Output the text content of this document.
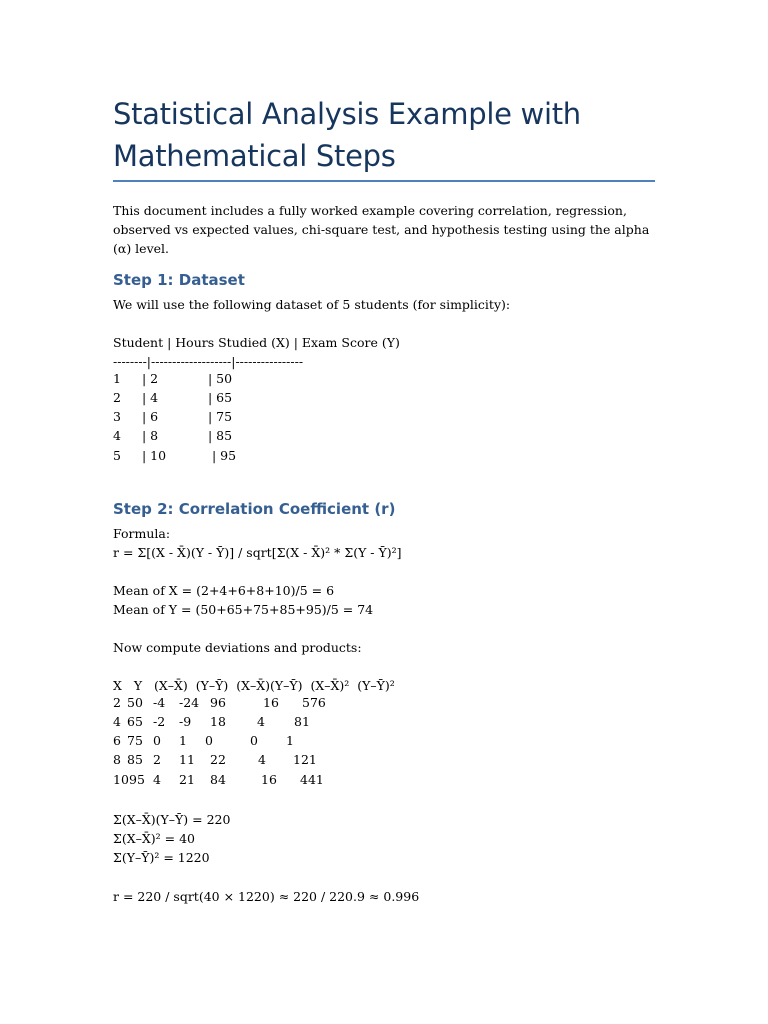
Statistical Analysis Example with Mathematical Steps

This document includes a fully worked example covering correlation, regression, observed vs expected values, chi-square test, and hypothesis testing using the alpha (α) level.

Step 1: Dataset

We will use the following dataset of 5 students (for simplicity):

Student | Hours Studied (X) | Exam Score (Y)

--------|-------------------|----------------

1 | 2	| 50
2 | 4	| 65
3 | 6	| 75
4 | 8	| 85
5 | 10	| 95
Step 2: Correlation Coefficient (r)

Formula:

r = Σ[(X - X̄)(Y - Ȳ)] / sqrt[Σ(X - X̄)² * Σ(Y - Ȳ)²]

Mean of X = (2+4+6+8+10)/5 = 6

Mean of Y = (50+65+75+85+95)/5 = 74

Now compute deviations and products:

X   Y   (X–X̄)  (Y–Ȳ)  (X–X̄)(Y–Ȳ)  (X–X̄)²  (Y–Ȳ)²

2 50 -4 -24 96	16 576
4 65 -2 -9 18 4 81
6 75 0 1 0	0 1
8 85 2 11 22	4 121
10 95 4 21 84	16 441

Σ(X–X̄)(Y–Ȳ) = 220

Σ(X–X̄)² = 40

Σ(Y–Ȳ)² = 1220

r = 220 / sqrt(40 × 1220) ≈ 220 / 220.9 ≈ 0.996
